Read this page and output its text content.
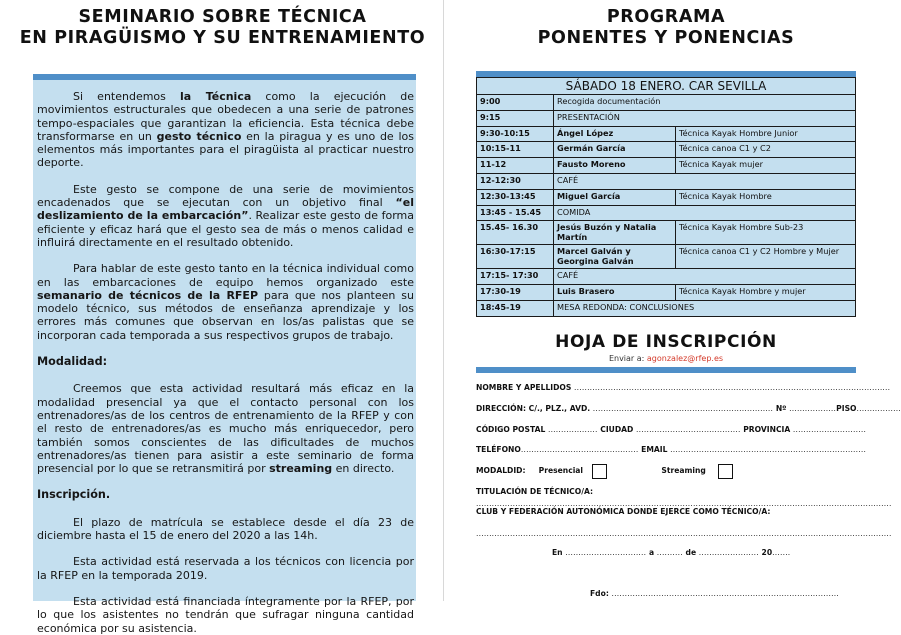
SEMINARIO SOBRE TÉCNICA
EN PIRAGÜISMO Y SU ENTRENAMIENTO
PROGRAMA
PONENTES Y PONENCIAS

Si entendemos la Técnica como la ejecución de movimientos estructurales que obedecen a una serie de patrones tempo-espaciales que garantizan la eficiencia. Esta técnica debe transformarse en un gesto técnico en la piragua y es uno de los elementos más importantes para el piragüista al practicar nuestro deporte.

Este gesto se compone de una serie de movimientos encadenados que se ejecutan con un objetivo final “el deslizamiento de la embarcación”. Realizar este gesto de forma eficiente y eficaz hará que el gesto sea de más o menos calidad e influirá directamente en el resultado obtenido.

Para hablar de este gesto tanto en la técnica individual como en las embarcaciones de equipo hemos organizado este semanario de técnicos de la RFEP para que nos planteen su modelo técnico, sus métodos de enseñanza aprendizaje y los errores más comunes que observan en los/as palistas que se incorporan cada temporada a sus respectivos grupos de trabajo.

Modalidad:

Creemos que esta actividad resultará más eficaz en la modalidad presencial ya que el contacto personal con los entrenadores/as de los centros de entrenamiento de la RFEP y con el resto de entrenadores/as es mucho más enriquecedor, pero también somos conscientes de las dificultades de muchos entrenadores/as tienen para asistir a este seminario de forma presencial por lo que se retransmitirá por streaming en directo.

Inscripción.

El plazo de matrícula se establece desde el día 23 de diciembre hasta el 15 de enero del 2020 a las 14h.

Esta actividad está reservada a los técnicos con licencia por la RFEP en la temporada 2019.

Esta actividad está financiada íntegramente por la RFEP, por lo que los asistentes no tendrán que sufragar ninguna cantidad económica por su asistencia.

SÁBADO 18 ENERO. CAR SEVILLA		
9:00	Recogida documentación	
9:15	PRESENTACIÓN	
9:30-10:15	Ángel López	Técnica Kayak Hombre Junior
10:15-11	Germán García	Técnica canoa C1 y C2
11-12	Fausto Moreno	Técnica Kayak mujer
12-12:30	CAFÉ	
12:30-13:45	Miguel García	Técnica Kayak Hombre
13:45 - 15.45	COMIDA	
15.45- 16.30	Jesús Buzón y Natalia Martín	Técnica Kayak Hombre Sub-23
16:30-17:15	Marcel Galván y Georgina Galván	Técnica canoa C1 y C2 Hombre y Mujer
17:15- 17:30	CAFÉ	
17:30-19	Luis Brasero	Técnica Kayak Hombre y mujer
18:45-19	MESA REDONDA: CONCLUSIONES	
HOJA DE INSCRIPCIÓN
Enviar a: agonzalez@rfep.es
NOMBRE Y APELLIDOS .........................................................................................................................
DIRECCIÓN: C/., PLZ., AVD. ..................................................................... Nº ..................PISO.................
CÓDIGO POSTAL ................... CIUDAD ........................................ PROVINCIA ............................
TELÉFONO............................................. EMAIL ...........................................................................
MODALDID: Presencial	Streaming
TITULACIÓN DE TÉCNICO/A:
...............................................................................................................................................................
CLUB Y FEDERACIÓN AUTONÓMICA DONDE EJERCE COMO TÉCNICO/A:
...............................................................................................................................................................
En ............................... a .......... de ....................... 20.......
Fdo: .......................................................................................
